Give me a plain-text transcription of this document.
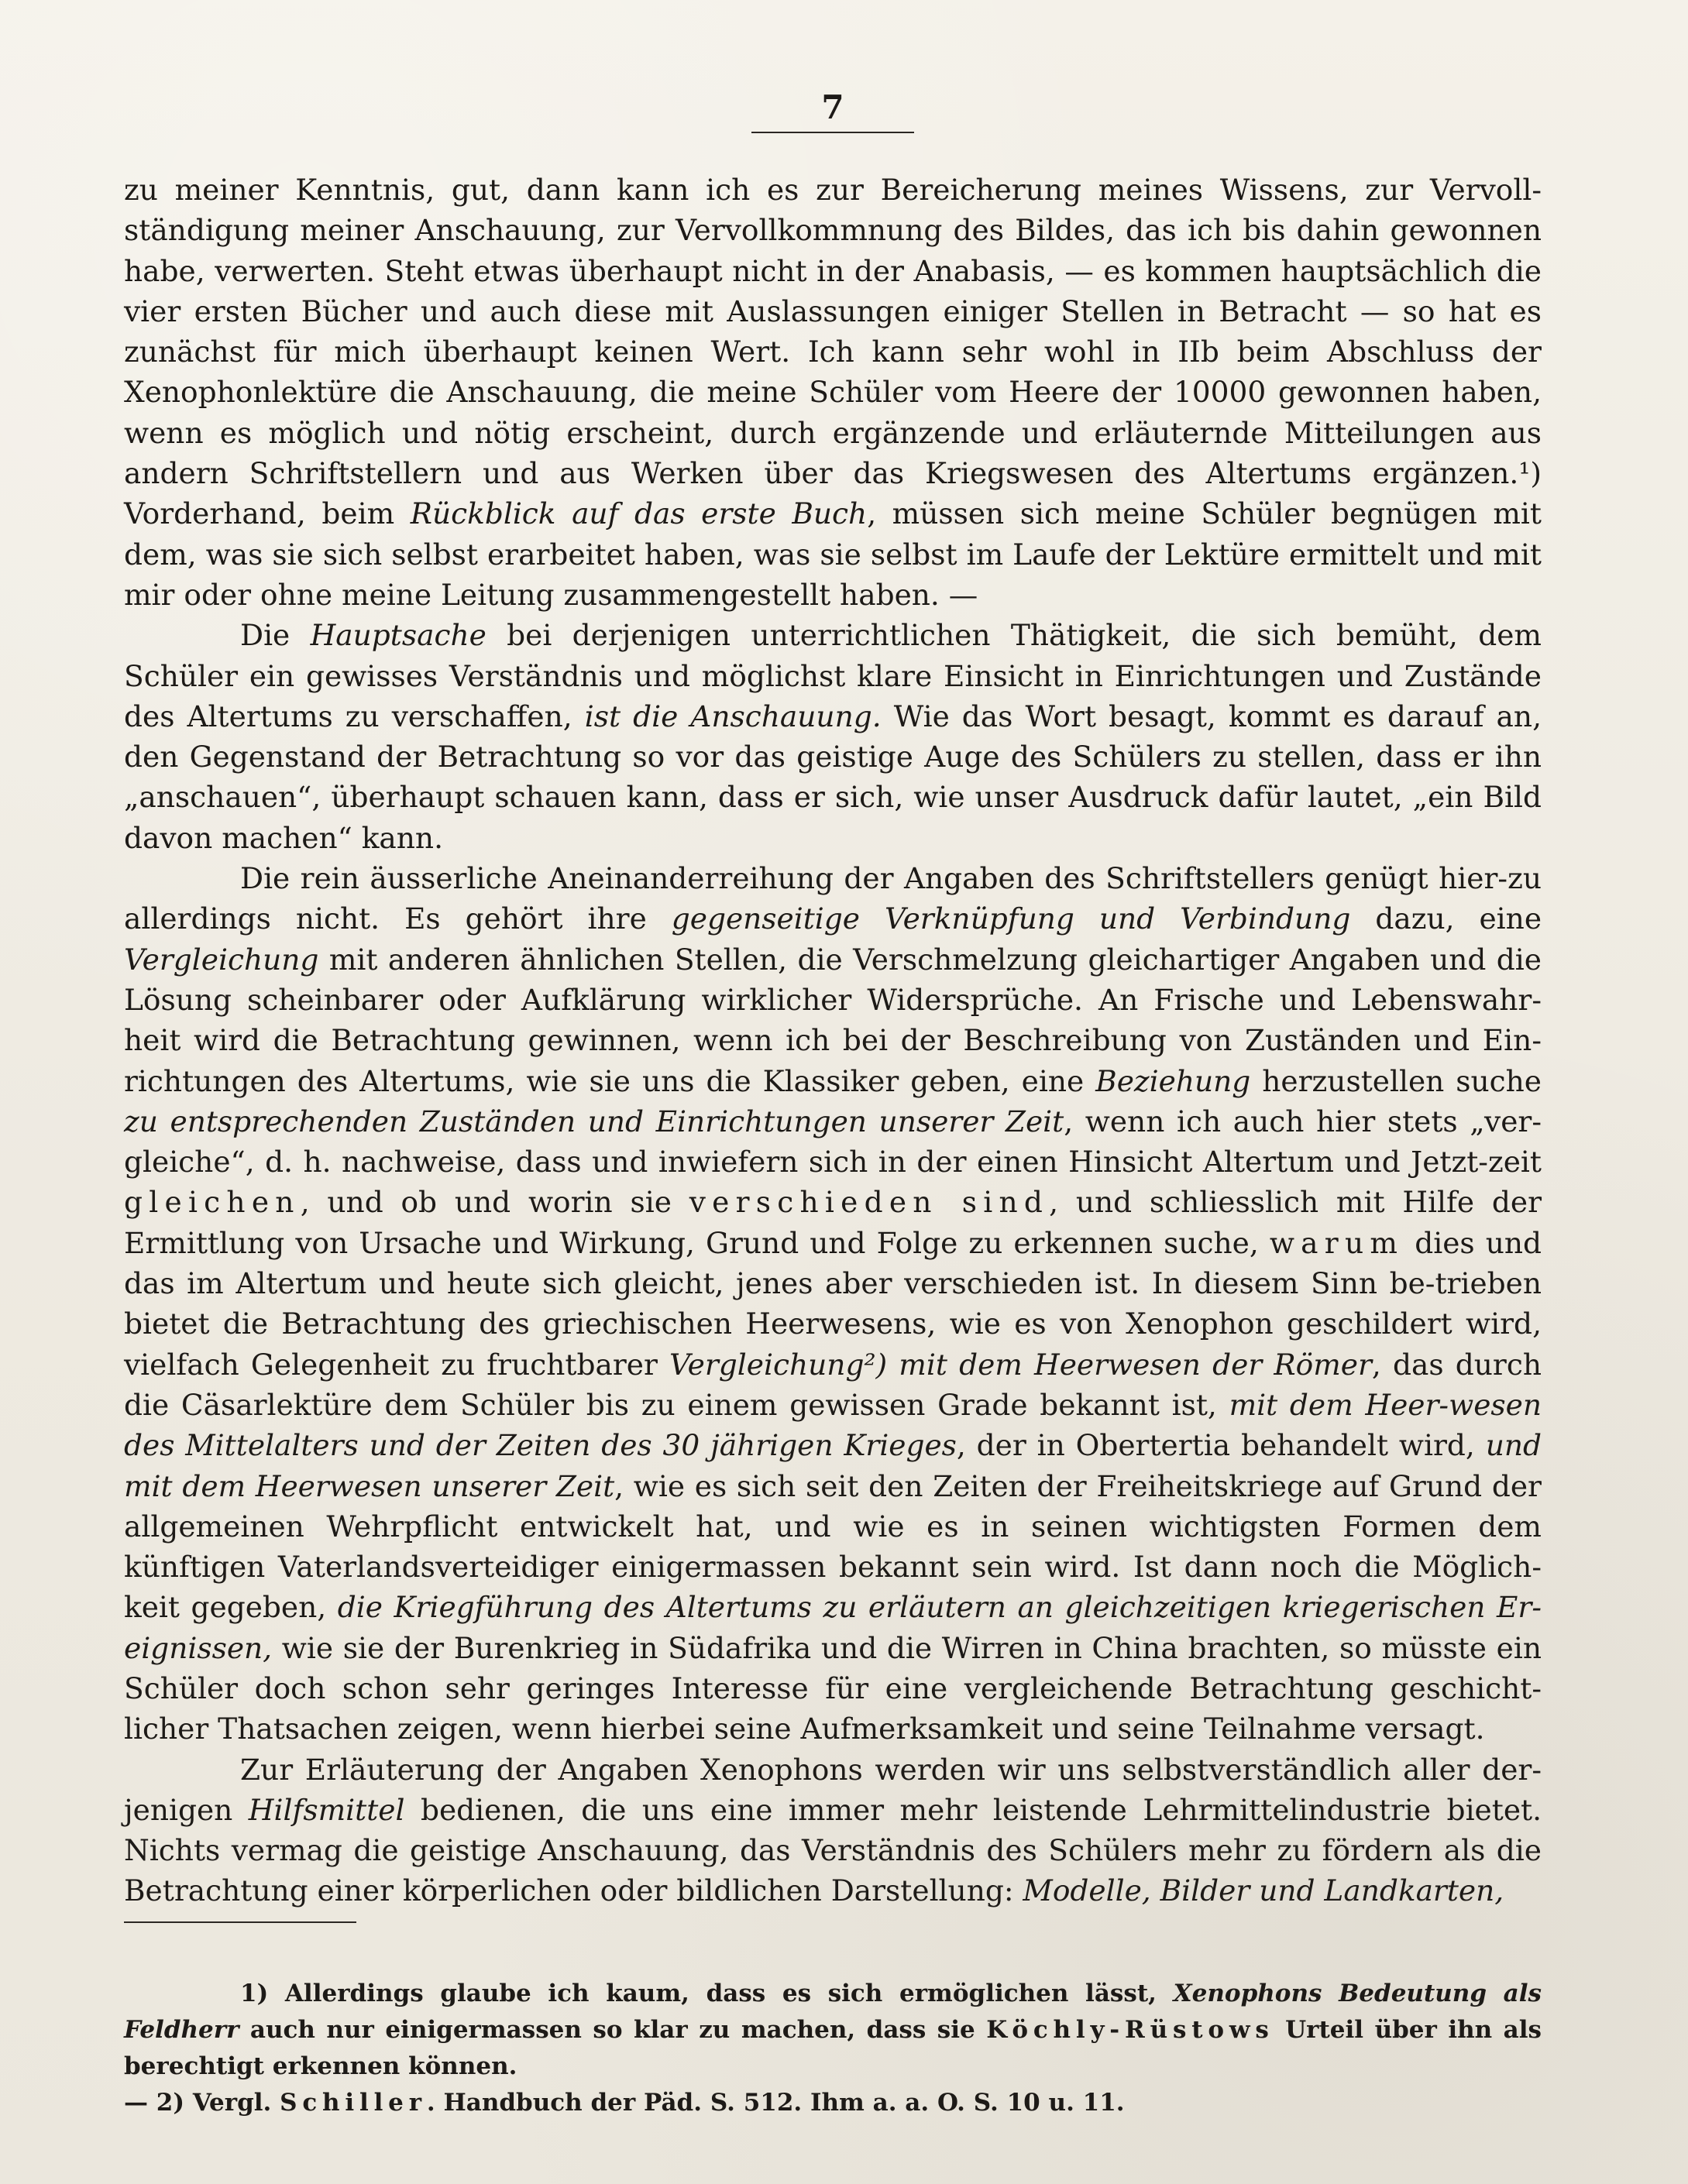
7

zu meiner Kenntnis, gut, dann kann ich es zur Bereicherung meines Wissens, zur Vervoll-ständigung meiner Anschauung, zur Vervollkommnung des Bildes, das ich bis dahin gewonnen habe, verwerten. Steht etwas überhaupt nicht in der Anabasis, — es kommen hauptsächlich die vier ersten Bücher und auch diese mit Auslassungen einiger Stellen in Betracht — so hat es zunächst für mich überhaupt keinen Wert. Ich kann sehr wohl in IIb beim Abschluss der Xenophonlektüre die Anschauung, die meine Schüler vom Heere der 10000 gewonnen haben, wenn es möglich und nötig erscheint, durch ergänzende und erläuternde Mitteilungen aus andern Schriftstellern und aus Werken über das Kriegswesen des Altertums ergänzen.¹) Vorderhand, beim Rückblick auf das erste Buch, müssen sich meine Schüler begnügen mit dem, was sie sich selbst erarbeitet haben, was sie selbst im Laufe der Lektüre ermittelt und mit mir oder ohne meine Leitung zusammengestellt haben. —

Die Hauptsache bei derjenigen unterrichtlichen Thätigkeit, die sich bemüht, dem Schüler ein gewisses Verständnis und möglichst klare Einsicht in Einrichtungen und Zustände des Altertums zu verschaffen, ist die Anschauung. Wie das Wort besagt, kommt es darauf an, den Gegenstand der Betrachtung so vor das geistige Auge des Schülers zu stellen, dass er ihn „anschauen“, überhaupt schauen kann, dass er sich, wie unser Ausdruck dafür lautet, „ein Bild davon machen“ kann.

Die rein äusserliche Aneinanderreihung der Angaben des Schriftstellers genügt hier-zu allerdings nicht. Es gehört ihre gegenseitige Verknüpfung und Verbindung dazu, eine Vergleichung mit anderen ähnlichen Stellen, die Verschmelzung gleichartiger Angaben und die Lösung scheinbarer oder Aufklärung wirklicher Widersprüche. An Frische und Lebenswahr-heit wird die Betrachtung gewinnen, wenn ich bei der Beschreibung von Zuständen und Ein-richtungen des Altertums, wie sie uns die Klassiker geben, eine Beziehung herzustellen suche zu entsprechenden Zuständen und Einrichtungen unserer Zeit, wenn ich auch hier stets „ver-gleiche“, d. h. nachweise, dass und inwiefern sich in der einen Hinsicht Altertum und Jetzt-zeit gleichen, und ob und worin sie verschieden sind, und schliesslich mit Hilfe der Ermittlung von Ursache und Wirkung, Grund und Folge zu erkennen suche, warum dies und das im Altertum und heute sich gleicht, jenes aber verschieden ist. In diesem Sinn be-trieben bietet die Betrachtung des griechischen Heerwesens, wie es von Xenophon geschildert wird, vielfach Gelegenheit zu fruchtbarer Vergleichung²) mit dem Heerwesen der Römer, das durch die Cäsarlektüre dem Schüler bis zu einem gewissen Grade bekannt ist, mit dem Heer-wesen des Mittelalters und der Zeiten des 30 jährigen Krieges, der in Obertertia behandelt wird, und mit dem Heerwesen unserer Zeit, wie es sich seit den Zeiten der Freiheitskriege auf Grund der allgemeinen Wehrpflicht entwickelt hat, und wie es in seinen wichtigsten Formen dem künftigen Vaterlandsverteidiger einigermassen bekannt sein wird. Ist dann noch die Möglich-keit gegeben, die Kriegführung des Altertums zu erläutern an gleichzeitigen kriegerischen Er-eignissen, wie sie der Burenkrieg in Südafrika und die Wirren in China brachten, so müsste ein Schüler doch schon sehr geringes Interesse für eine vergleichende Betrachtung geschicht-licher Thatsachen zeigen, wenn hierbei seine Aufmerksamkeit und seine Teilnahme versagt.

Zur Erläuterung der Angaben Xenophons werden wir uns selbstverständlich aller der-jenigen Hilfsmittel bedienen, die uns eine immer mehr leistende Lehrmittelindustrie bietet. Nichts vermag die geistige Anschauung, das Verständnis des Schülers mehr zu fördern als die Betrachtung einer körperlichen oder bildlichen Darstellung: Modelle, Bilder und Landkarten,

1) Allerdings glaube ich kaum, dass es sich ermöglichen lässt, Xenophons Bedeutung als Feldherr auch nur einigermassen so klar zu machen, dass sie Köchly-Rüstows Urteil über ihn als berechtigt erkennen können.

— 2) Vergl. Schiller. Handbuch der Päd. S. 512. Ihm a. a. O. S. 10 u. 11.
